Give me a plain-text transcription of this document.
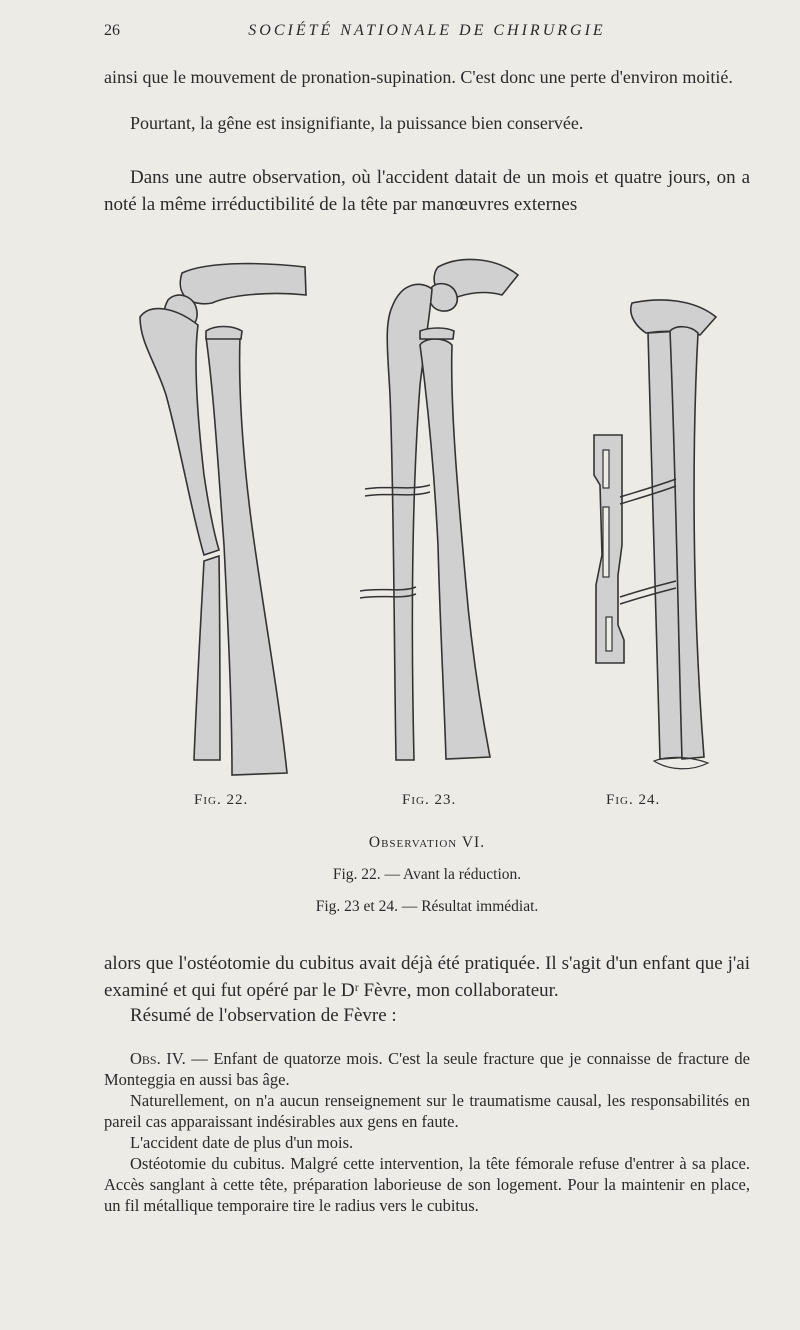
26	SOCIÉTÉ NATIONALE DE CHIRURGIE

ainsi que le mouvement de pronation-supination. C'est donc une perte d'environ moitié.

Pourtant, la gêne est insignifiante, la puissance bien conservée.

Dans une autre observation, où l'accident datait de un mois et quatre jours, on a noté la même irréductibilité de la tête par manœuvres externes

Fig. 22.	Fig. 23.	Fig. 24.
Observation VI.
Fig. 22. — Avant la réduction.
Fig. 23 et 24. — Résultat immédiat.

alors que l'ostéotomie du cubitus avait déjà été pratiquée. Il s'agit d'un enfant que j'ai examiné et qui fut opéré par le Dʳ Fèvre, mon collaborateur.

Résumé de l'observation de Fèvre :

Obs. IV. — Enfant de quatorze mois. C'est la seule fracture que je connaisse de fracture de Monteggia en aussi bas âge.

Naturellement, on n'a aucun renseignement sur le traumatisme causal, les responsabilités en pareil cas apparaissant indésirables aux gens en faute.

L'accident date de plus d'un mois.

Ostéotomie du cubitus. Malgré cette intervention, la tête fémorale refuse d'entrer à sa place. Accès sanglant à cette tête, préparation laborieuse de son logement. Pour la maintenir en place, un fil métallique temporaire tire le radius vers le cubitus.
